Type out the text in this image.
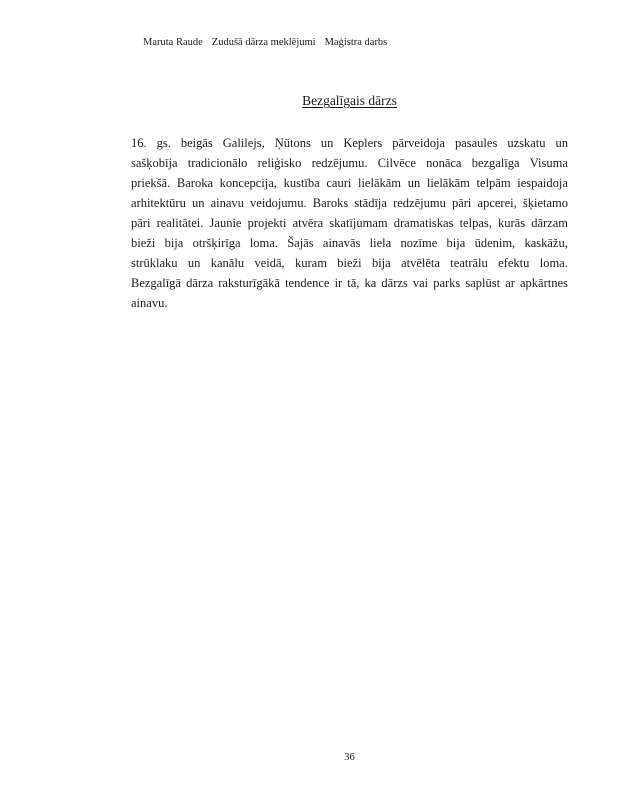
Maruta Raude Zudušā dārza meklējumi Maģistra darbs
Bezgalīgais dārzs
16. gs. beigās Galilejs, Ņūtons un Keplers pārveidoja pasaules uzskatu un
sašķobīja tradicionālo reliģisko redzējumu. Cilvēce nonāca bezgalīga Visuma
priekšā. Baroka koncepcija, kustība cauri lielākām un lielākām telpām iespaidoja
arhitektūru un ainavu veidojumu. Baroks stādīja redzējumu pāri apcerei, šķietamo
pāri realitātei. Jaunie projekti atvēra skatījumam dramatiskas telpas, kurās dārzam
bieži bija otršķirīga loma. Šajās ainavās liela nozīme bija ūdenim, kaskāžu,
strūklaku un kanālu veidā, kuram bieži bija atvēlēta teatrālu efektu loma.
Bezgalīgā dārza raksturīgākā tendence ir tā, ka dārzs vai parks saplūst ar apkārtnes
ainavu.
36
